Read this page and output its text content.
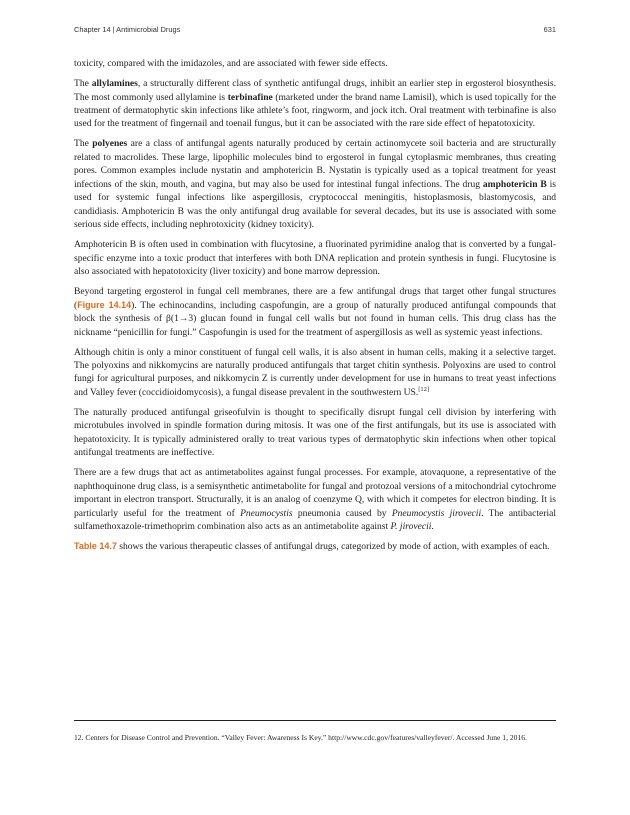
Chapter 14 | Antimicrobial Drugs	631

toxicity, compared with the imidazoles, and are associated with fewer side effects.

The allylamines, a structurally different class of synthetic antifungal drugs, inhibit an earlier step in ergosterol biosynthesis. The most commonly used allylamine is terbinafine (marketed under the brand name Lamisil), which is used topically for the treatment of dermatophytic skin infections like athlete’s foot, ringworm, and jock itch. Oral treatment with terbinafine is also used for the treatment of fingernail and toenail fungus, but it can be associated with the rare side effect of hepatotoxicity.

The polyenes are a class of antifungal agents naturally produced by certain actinomycete soil bacteria and are structurally related to macrolides. These large, lipophilic molecules bind to ergosterol in fungal cytoplasmic membranes, thus creating pores. Common examples include nystatin and amphotericin B. Nystatin is typically used as a topical treatment for yeast infections of the skin, mouth, and vagina, but may also be used for intestinal fungal infections. The drug amphotericin B is used for systemic fungal infections like aspergillosis, cryptococcal meningitis, histoplasmosis, blastomycosis, and candidiasis. Amphotericin B was the only antifungal drug available for several decades, but its use is associated with some serious side effects, including nephrotoxicity (kidney toxicity).

Amphotericin B is often used in combination with flucytosine, a fluorinated pyrimidine analog that is converted by a fungal-specific enzyme into a toxic product that interferes with both DNA replication and protein synthesis in fungi. Flucytosine is also associated with hepatotoxicity (liver toxicity) and bone marrow depression.

Beyond targeting ergosterol in fungal cell membranes, there are a few antifungal drugs that target other fungal structures (Figure 14.14). The echinocandins, including caspofungin, are a group of naturally produced antifungal compounds that block the synthesis of β(1→3) glucan found in fungal cell walls but not found in human cells. This drug class has the nickname “penicillin for fungi.” Caspofungin is used for the treatment of aspergillosis as well as systemic yeast infections.

Although chitin is only a minor constituent of fungal cell walls, it is also absent in human cells, making it a selective target. The polyoxins and nikkomycins are naturally produced antifungals that target chitin synthesis. Polyoxins are used to control fungi for agricultural purposes, and nikkomycin Z is currently under development for use in humans to treat yeast infections and Valley fever (coccidioidomycosis), a fungal disease prevalent in the southwestern US.[12]

The naturally produced antifungal griseofulvin is thought to specifically disrupt fungal cell division by interfering with microtubules involved in spindle formation during mitosis. It was one of the first antifungals, but its use is associated with hepatotoxicity. It is typically administered orally to treat various types of dermatophytic skin infections when other topical antifungal treatments are ineffective.

There are a few drugs that act as antimetabolites against fungal processes. For example, atovaquone, a representative of the naphthoquinone drug class, is a semisynthetic antimetabolite for fungal and protozoal versions of a mitochondrial cytochrome important in electron transport. Structurally, it is an analog of coenzyme Q, with which it competes for electron binding. It is particularly useful for the treatment of Pneumocystis pneumonia caused by Pneumocystis jirovecii. The antibacterial sulfamethoxazole-trimethoprim combination also acts as an antimetabolite against P. jirovecii.

Table 14.7 shows the various therapeutic classes of antifungal drugs, categorized by mode of action, with examples of each.

12. Centers for Disease Control and Prevention. “Valley Fever: Awareness Is Key.” http://www.cdc.gov/features/valleyfever/. Accessed June 1, 2016.
